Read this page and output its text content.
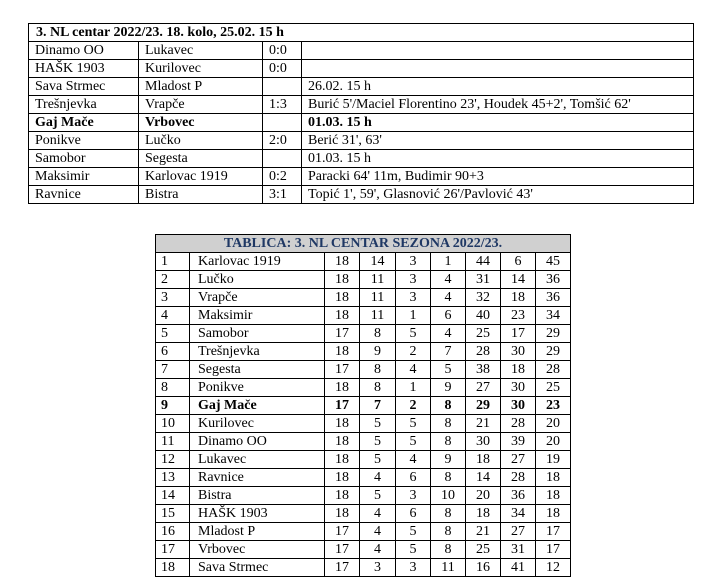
3. NL centar 2022/23. 18. kolo, 25.02. 15 h			
Dinamo OO	Lukavec	0:0	
HAŠK 1903	Kurilovec	0:0	
Sava Strmec	Mladost P		26.02. 15 h
Trešnjevka	Vrapče	1:3	Burić 5'/Maciel Florentino 23', Houdek 45+2', Tomšić 62'
Gaj Mače	Vrbovec		01.03. 15 h
Ponikve	Lučko	2:0	Berić 31', 63'
Samobor	Segesta		01.03. 15 h
Maksimir	Karlovac 1919	0:2	Paracki 64' 11m, Budimir 90+3
Ravnice	Bistra	3:1	Topić 1', 59', Glasnović 26'/Pavlović 43'
TABLICA: 3. NL CENTAR SEZONA 2022/23.								
1	Karlovac 1919	18	14	3	1	44	6	45
2	Lučko	18	11	3	4	31	14	36
3	Vrapče	18	11	3	4	32	18	36
4	Maksimir	18	11	1	6	40	23	34
5	Samobor	17	8	5	4	25	17	29
6	Trešnjevka	18	9	2	7	28	30	29
7	Segesta	17	8	4	5	38	18	28
8	Ponikve	18	8	1	9	27	30	25
9	Gaj Mače	17	7	2	8	29	30	23
10	Kurilovec	18	5	5	8	21	28	20
11	Dinamo OO	18	5	5	8	30	39	20
12	Lukavec	18	5	4	9	18	27	19
13	Ravnice	18	4	6	8	14	28	18
14	Bistra	18	5	3	10	20	36	18
15	HAŠK 1903	18	4	6	8	18	34	18
16	Mladost P	17	4	5	8	21	27	17
17	Vrbovec	17	4	5	8	25	31	17
18	Sava Strmec	17	3	3	11	16	41	12
